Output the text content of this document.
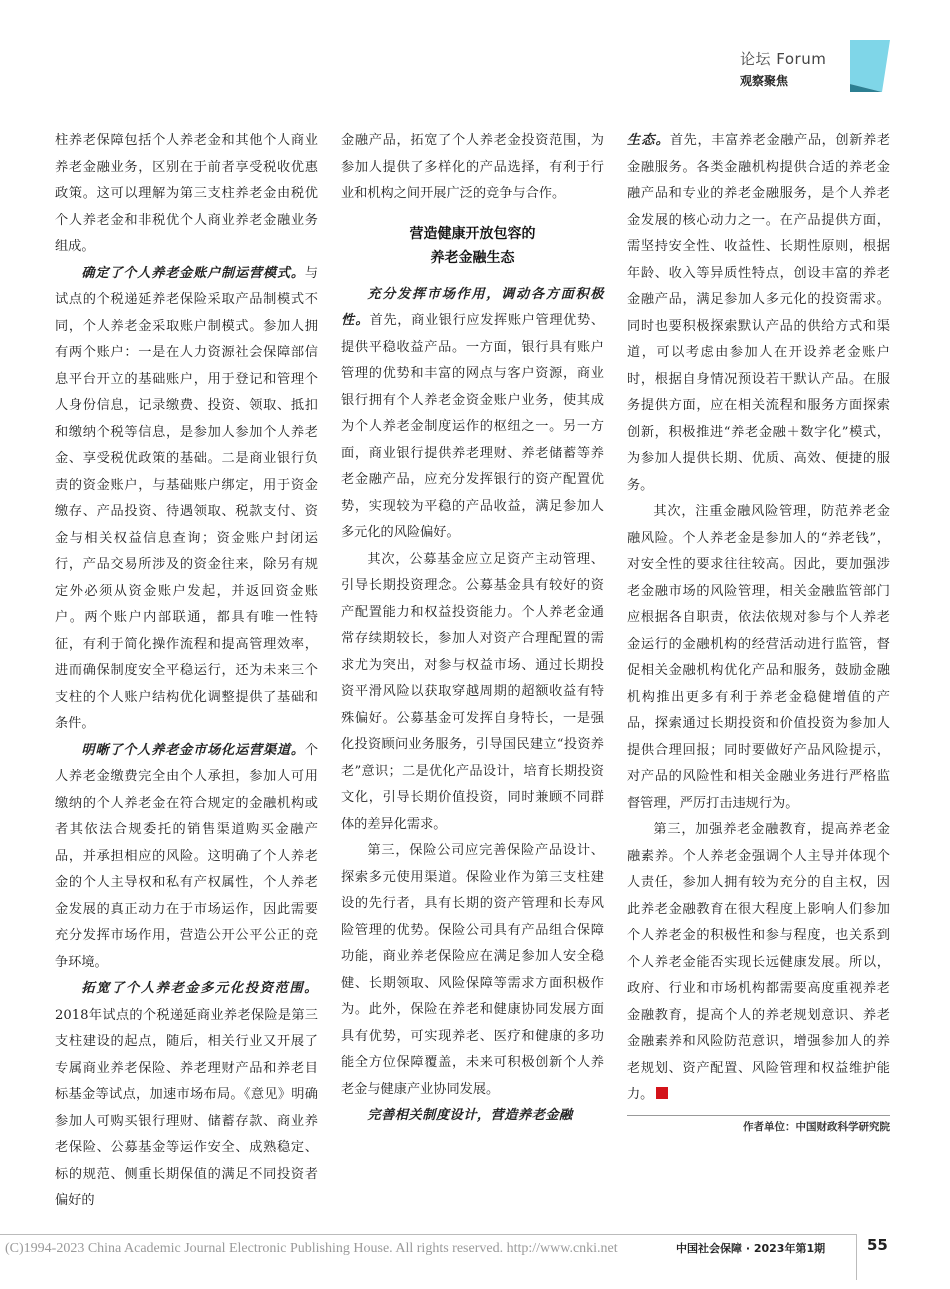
论坛 Forum
观察聚焦

柱养老保障包括个人养老金和其他个人商业养老金融业务，区别在于前者享受税收优惠政策。这可以理解为第三支柱养老金由税优个人养老金和非税优个人商业养老金融业务组成。

确定了个人养老金账户制运营模式。与试点的个税递延养老保险采取产品制模式不同，个人养老金采取账户制模式。参加人拥有两个账户：一是在人力资源社会保障部信息平台开立的基础账户，用于登记和管理个人身份信息，记录缴费、投资、领取、抵扣和缴纳个税等信息，是参加人参加个人养老金、享受税优政策的基础。二是商业银行负责的资金账户，与基础账户绑定，用于资金缴存、产品投资、待遇领取、税款支付、资金与相关权益信息查询；资金账户封闭运行，产品交易所涉及的资金往来，除另有规定外必须从资金账户发起，并返回资金账户。两个账户内部联通，都具有唯一性特征，有利于简化操作流程和提高管理效率，进而确保制度安全平稳运行，还为未来三个支柱的个人账户结构优化调整提供了基础和条件。

明晰了个人养老金市场化运营渠道。个人养老金缴费完全由个人承担，参加人可用缴纳的个人养老金在符合规定的金融机构或者其依法合规委托的销售渠道购买金融产品，并承担相应的风险。这明确了个人养老金的个人主导权和私有产权属性，个人养老金发展的真正动力在于市场运作，因此需要充分发挥市场作用，营造公开公平公正的竞争环境。

拓宽了个人养老金多元化投资范围。2018年试点的个税递延商业养老保险是第三支柱建设的起点，随后，相关行业又开展了专属商业养老保险、养老理财产品和养老目标基金等试点，加速市场布局。《意见》明确参加人可购买银行理财、储蓄存款、商业养老保险、公募基金等运作安全、成熟稳定、标的规范、侧重长期保值的满足不同投资者偏好的

金融产品，拓宽了个人养老金投资范围，为参加人提供了多样化的产品选择，有利于行业和机构之间开展广泛的竞争与合作。

营造健康开放包容的
养老金融生态

充分发挥市场作用，调动各方面积极性。首先，商业银行应发挥账户管理优势、提供平稳收益产品。一方面，银行具有账户管理的优势和丰富的网点与客户资源，商业银行拥有个人养老金资金账户业务，使其成为个人养老金制度运作的枢纽之一。另一方面，商业银行提供养老理财、养老储蓄等养老金融产品，应充分发挥银行的资产配置优势，实现较为平稳的产品收益，满足参加人多元化的风险偏好。

其次，公募基金应立足资产主动管理、引导长期投资理念。公募基金具有较好的资产配置能力和权益投资能力。个人养老金通常存续期较长，参加人对资产合理配置的需求尤为突出，对参与权益市场、通过长期投资平滑风险以获取穿越周期的超额收益有特殊偏好。公募基金可发挥自身特长，一是强化投资顾问业务服务，引导国民建立“投资养老”意识；二是优化产品设计，培育长期投资文化，引导长期价值投资，同时兼顾不同群体的差异化需求。

第三，保险公司应完善保险产品设计、探索多元使用渠道。保险业作为第三支柱建设的先行者，具有长期的资产管理和长寿风险管理的优势。保险公司具有产品组合保障功能，商业养老保险应在满足参加人安全稳健、长期领取、风险保障等需求方面积极作为。此外，保险在养老和健康协同发展方面具有优势，可实现养老、医疗和健康的多功能全方位保障覆盖，未来可积极创新个人养老金与健康产业协同发展。

完善相关制度设计，营造养老金融

生态。首先，丰富养老金融产品，创新养老金融服务。各类金融机构提供合适的养老金融产品和专业的养老金融服务，是个人养老金发展的核心动力之一。在产品提供方面，需坚持安全性、收益性、长期性原则，根据年龄、收入等异质性特点，创设丰富的养老金融产品，满足参加人多元化的投资需求。同时也要积极探索默认产品的供给方式和渠道，可以考虑由参加人在开设养老金账户时，根据自身情况预设若干默认产品。在服务提供方面，应在相关流程和服务方面探索创新，积极推进“养老金融＋数字化”模式，为参加人提供长期、优质、高效、便捷的服务。

其次，注重金融风险管理，防范养老金融风险。个人养老金是参加人的“养老钱”，对安全性的要求往往较高。因此，要加强涉老金融市场的风险管理，相关金融监管部门应根据各自职责，依法依规对参与个人养老金运行的金融机构的经营活动进行监管，督促相关金融机构优化产品和服务，鼓励金融机构推出更多有利于养老金稳健增值的产品，探索通过长期投资和价值投资为参加人提供合理回报；同时要做好产品风险提示，对产品的风险性和相关金融业务进行严格监督管理，严厉打击违规行为。

第三，加强养老金融教育，提高养老金融素养。个人养老金强调个人主导并体现个人责任，参加人拥有较为充分的自主权，因此养老金融教育在很大程度上影响人们参加个人养老金的积极性和参与程度，也关系到个人养老金能否实现长远健康发展。所以，政府、行业和市场机构都需要高度重视养老金融教育，提高个人的养老规划意识、养老金融素养和风险防范意识，增强参加人的养老规划、资产配置、风险管理和权益维护能力。

作者单位：中国财政科学研究院
(C)1994-2023 China Academic Journal Electronic Publishing House. All rights reserved. http://www.cnki.net	中国社会保障 · 2023年第1期	55
